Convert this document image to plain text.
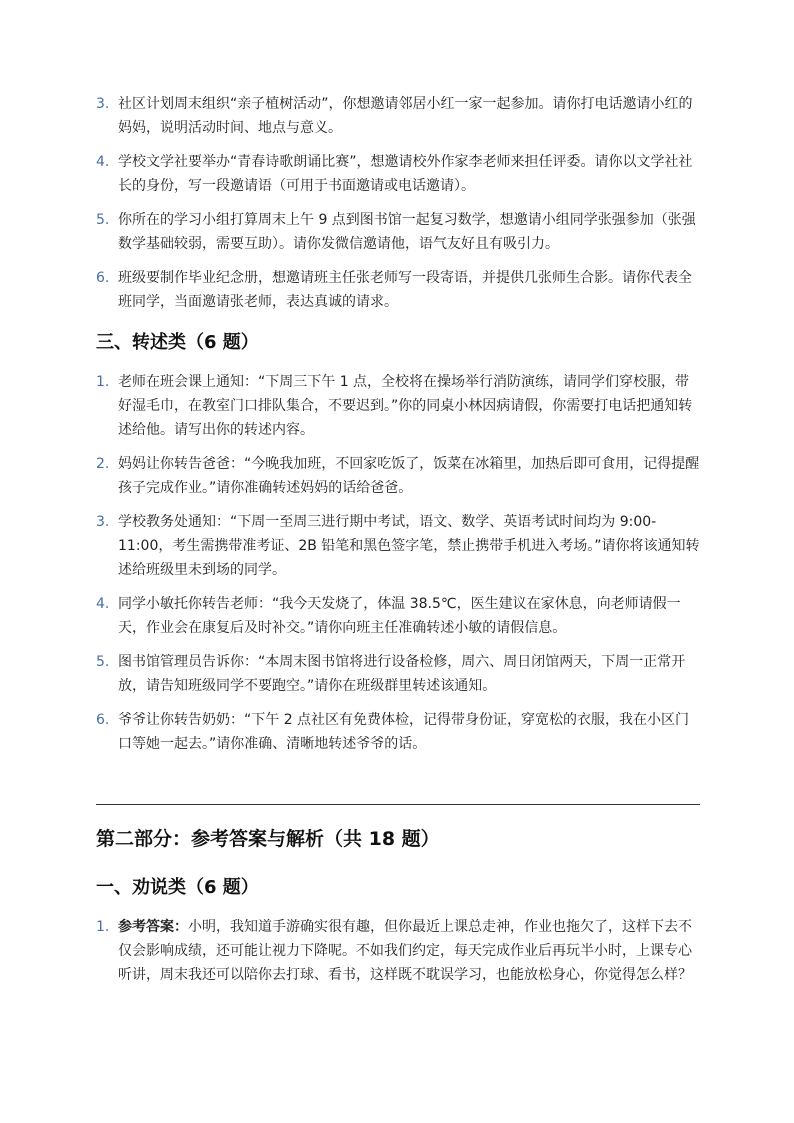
3. 社区计划周末组织“亲子植树活动”，你想邀请邻居小红一家一起参加。请你打电话邀请小红的妈妈，说明活动时间、地点与意义。
4. 学校文学社要举办“青春诗歌朗诵比赛”，想邀请校外作家李老师来担任评委。请你以文学社社长的身份，写一段邀请语（可用于书面邀请或电话邀请）。
5. 你所在的学习小组打算周末上午 9 点到图书馆一起复习数学，想邀请小组同学张强参加（张强数学基础较弱，需要互助）。请你发微信邀请他，语气友好且有吸引力。
6. 班级要制作毕业纪念册，想邀请班主任张老师写一段寄语，并提供几张师生合影。请你代表全班同学，当面邀请张老师，表达真诚的请求。
三、转述类（6 题）
1. 老师在班会课上通知：“下周三下午 1 点，全校将在操场举行消防演练，请同学们穿校服，带好湿毛巾，在教室门口排队集合，不要迟到。”你的同桌小林因病请假，你需要打电话把通知转述给他。请写出你的转述内容。
2. 妈妈让你转告爸爸：“今晚我加班，不回家吃饭了，饭菜在冰箱里，加热后即可食用，记得提醒孩子完成作业。”请你准确转述妈妈的话给爸爸。
3. 学校教务处通知：“下周一至周三进行期中考试，语文、数学、英语考试时间均为 9:00-11:00，考生需携带准考证、2B 铅笔和黑色签字笔，禁止携带手机进入考场。”请你将该通知转述给班级里未到场的同学。
4. 同学小敏托你转告老师：“我今天发烧了，体温 38.5℃，医生建议在家休息，向老师请假一天，作业会在康复后及时补交。”请你向班主任准确转述小敏的请假信息。
5. 图书馆管理员告诉你：“本周末图书馆将进行设备检修，周六、周日闭馆两天，下周一正常开放，请告知班级同学不要跑空。”请你在班级群里转述该通知。
6. 爷爷让你转告奶奶：“下午 2 点社区有免费体检，记得带身份证，穿宽松的衣服，我在小区门口等她一起去。”请你准确、清晰地转述爷爷的话。
第二部分：参考答案与解析（共 18 题）
一、劝说类（6 题）
1. 参考答案：小明，我知道手游确实很有趣，但你最近上课总走神，作业也拖欠了，这样下去不仅会影响成绩，还可能让视力下降呢。不如我们约定，每天完成作业后再玩半小时，上课专心听讲，周末我还可以陪你去打球、看书，这样既不耽误学习，也能放松身心，你觉得怎么样？
